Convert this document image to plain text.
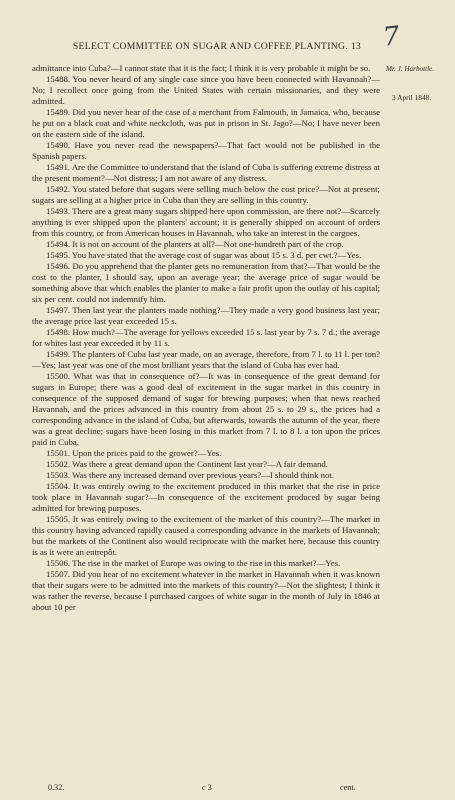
SELECT COMMITTEE ON SUGAR AND COFFEE PLANTING. 13 7
Mr. J. Harbottle.
3 April 1848.

admittance into Cuba?—I cannot state that it is the fact; I think it is very probable it might be so.

15488. You never heard of any single case since you have been connected with Havannah?—No; I recollect once going from the United States with certain missionaries, and they were admitted.

15489. Did you never hear of the case of a merchant from Falmouth, in Jamaica, who, because he put on a black coat and white neckcloth, was put in prison in St. Jago?—No; I have never been on the eastern side of the island.

15490. Have you never read the newspapers?—That fact would not be published in the Spanish papers.

15491. Are the Committee to understand that the island of Cuba is suffering extreme distress at the present moment?—Not distress; I am not aware of any distress.

15492. You stated before that sugars were selling much below the cost price?—Not at present; sugars are selling at a higher price in Cuba than they are selling in this country.

15493. There are a great many sugars shipped here upon commission, are there not?—Scarcely anything is ever shipped upon the planters' account; it is generally shipped on account of orders from this country, or from American houses in Havannah, who take an interest in the cargoes.

15494. It is not on account of the planters at all?—Not one-hundreth part of the crop.

15495. You have stated that the average cost of sugar was about 15 s. 3 d. per cwt.?—Yes.

15496. Do you apprehend that the planter gets no remuneration from that?—That would be the cost to the planter, I should say, upon an average year; the average price of sugar would be something above that which enables the planter to make a fair profit upon the outlay of his capital; six per cent. could not indemnify him.

15497. Then last year the planters made nothing?—They made a very good business last year; the average price last year exceeded 15 s.

15498. How much?—The average for yellows exceeded 15 s. last year by 7 s. 7 d.; the average for whites last year exceeded it by 11 s.

15499. The planters of Cuba last year made, on an average, therefore, from 7 l. to 11 l. per ton?—Yes; last year was one of the most brilliant years that the island of Cuba has ever had.

15500. What was that in consequence of?—It was in consequence of the great demand for sugars in Europe; there was a good deal of excitement in the sugar market in this country in consequence of the supposed demand of sugar for brewing purposes; when that news reached Havannah, and the prices advanced in this country from about 25 s. to 29 s., the prices had a corresponding advance in the island of Cuba, but afterwards, towards the autumn of the year, there was a great decline; sugars have been losing in this market from 7 l. to 8 l. a ton upon the prices paid in Cuba.

15501. Upon the prices paid to the grower?—Yes.

15502. Was there a great demand upon the Continent last year?—A fair demand.

15503. Was there any increased demand over previous years?—I should think not.

15504. It was entirely owing to the excitement produced in this market that the rise in price took place in Havannah sugar?—In consequence of the excitement produced by sugar being admitted for brewing purposes.

15505. It was entirely owing to the excitement of the market of this country?—The market in this country having advanced rapidly caused a corresponding advance in the markets of Havannah; but the markets of the Continent also would reciprocate with the market here, because this country is as it were an entrepôt.

15506. The rise in the market of Europe was owing to the rise in this market?—Yes.

15507. Did you hear of no excitement whatever in the market in Havannah when it was known that their sugars were to be admitted into the markets of this country?—Not the slightest; I think it was rather the reverse, because I purchased cargoes of white sugar in the month of July in 1846 at about 10 per

0.32.	c 3	cent.
